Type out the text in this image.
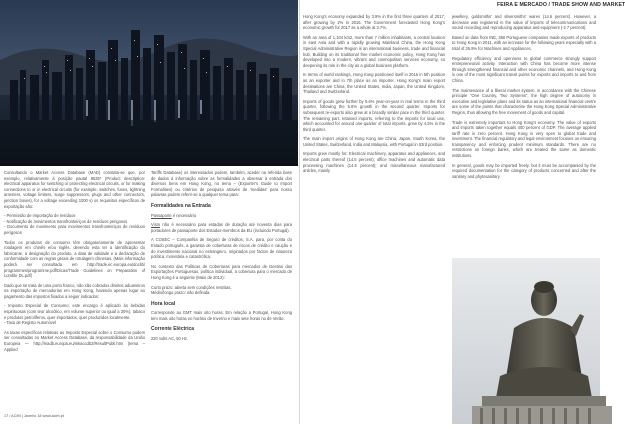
Consultando o Market Access Database (MAD) constata-se que, por exemplo, relativamente à posição pautal 8535* (Product description: electrical apparatus for switching or protecting electrical circuits, or for making connections to or in electrical circuits (for example, switches, fuses, lightning arresters, voltage limiters, surge suppressors, plugs and other connectors, junction boxes), for a voltage exceeding 1000 v) os requisitos específicos de exportação são:

- Permissão de importação de resíduos
- Notificação de movimentos transfronteiriços de resíduos perigosos
- Documento de movimento para movimentos transfronteiriços de resíduos perigosos

Todos os produtos de consumo têm obrigatoriamente de apresentar rotulagem em chinês e/ou inglês, devendo esta ter a identificação do fabricante, a designação do produto, a data de validade e a declaração de conformidade com as regras gerais de rotulagem chinesas. (Mais informação poderá ser consultada em http://trade.ec.europa.eu/doclib/ programmes/programme.pdf/Dicas/Trade Guidelines on Preparation of Lumble DL.pdf)

Dado que se trata de uma porto franco, não são cobrados direitos aduaneiros na importação de mercadorias em Hong Kong, havendo apenas lugar ao pagamento das impostos fixados a seguir indicados:

- Imposto Especial de Consumo: este encargo é aplicado às bebidas espirituosas (com teor alcoólico, em volume superior ou igual a 30%), tabaco e produtos petrolíferos, quer importados, quer produzidos localmente.
- Taxa de Registo Automóvel

As taxas específicas relativas ao Imposto Especial sobre o Consumo podem ser consultadas no Market Access Database, da responsabilidade da União Europeia — http://madb.europa.eu/mkaccdb2/ResultPubli.htm (tema – Applied

Tariffs Database) os interessados podem, também, aceder na referida base de dados à informação sobre as formalidades a observar à entrada dos diversos bens em Hong Kong, no tema – (Exporter's Guide to Import Formalities) ou critérios de pesquisa através de 'medidas' para nosso palavras podem referir-se a qualquer tema para:

Formalidades na Entrada

Passaporte é necessário

Visto não é necessário para estadas de duração até noventa dias para portadores de passaporte dos Estados-membros da EU (incluindo Portugal).

A COSEC – Companhia de Seguro de créditos, S.A. para, por conta do Estado português, a garantia de coberturas de riscos de crédito e caução e do investimento nacional no estrangeiro, originados por factos de natureza política, monetária e catastrófica.

No contexto das Políticas de Coberturas para mercados de Destino das Exportações Portuguesas, política individual, a cobertura para o mercado de Hong Kong é a seguinte (Maio de 2012):

Curto prazo: aberta sem condições restritas.
Médio/longo prazo: não definida.

Hora local

Corresponde ao GMT mais oito horas. Em relação a Portugal, Hong Kong tem mais oito horas no horário de Inverno e mais sete horas no de Verão.

Corrente Eléctrica

220 volts AC, 50 Hz.

FEIRA E MERCADO / TRADE SHOW AND MARKET

Hong Kong's economy expanded by 3.9% in the first three quarters of 2017, after growing by 2% in 2016. The Government forecasted Hong Kong's economic growth for 2017 as a whole at 3.7%.

With an area of 1,104 km2, more than 7 million inhabitants, a central location in east Asia and with a rapidly growing Mainland China, the Hong Kong Special Administrative Region is an international business, trade and financial hub. Building on its traditional free market economic policy, Hong Kong has developed into a modern, vibrant and cosmopolitan services economy, so deepening its role in the city as a global business platform.

In terms of world rankings, Hong Kong positioned itself in 2016 in 5th position as an exporter and in 7th place as an importer. Hong Kong's main export destinations are China, the United States, India, Japan, the United Kingdom, Thailand and Switzerland.

Imports of goods grew further by 5.6% year-on-year in real terms in the third quarter, following the 5.6% growth in the second quarter. Imports for subsequent re-exports also grew at a broadly similar pace in the third quarter. The remaining part, retained imports, referring to the imports for local use, which accounted for around one-quarter of total imports, grew by 4.5% in the third quarter.

The main import origins of Hong Kong are China, Japan, South Korea, the United States, Switzerland, India and Malaysia, with Portugal in 53rd position.

Imports grew mostly for: Electrical machinery, apparatus and appliances, and electrical parts thereof (14.5 percent); office machines and automatic data processing machines (14.5 percent); and miscellaneous manufactured articles, mainly

jewellery, goldsmiths' and silversmiths' wares (14.6 percent). However, a decrease was registered in the value of imports of telecommunications and sound recording and reproducing apparatus and equipment (-2.7 percent).

Based on data from INE, 360 Portuguese companies made exports of products to Hong Kong in 2011, with an increase for the following years especially with a total of 36.9% for Machines and Appliances.

Regulatory efficiency and openness to global commerce strongly support entrepreneurial activity. Interaction with China has become more intense through strengthened financial and other economic channels, and Hong Kong is one of the most significant transit points for exports and imports to and from China.

The maintenance of a liberal market system, in accordance with the Chinese principle "One Country, Two Systems", the high degree of autonomy in executive and legislative plans and its status as an international financial centre are some of the points that characterise the Hong Kong Special Administrative Region, thus allowing the free movement of goods and capital.

Trade is extremely important to Hong Kong's economy. The value of exports and imports taken together equals 400 percent of GDP. The average applied tariff rate is zero percent. Hong Kong is very open to global trade and investment. The financial regulatory and legal environment focuses on ensuring transparency and enforcing prudent minimum standards. There are no restrictions on foreign banks, which are treated the same as domestic institutions.

In general, goods may be imported freely, but it must be accompanied by the required documentation for the category of products concerned and after the sanitary and phytosanitary

17 / ACIM | Janeiro 18 www.acim.pt
